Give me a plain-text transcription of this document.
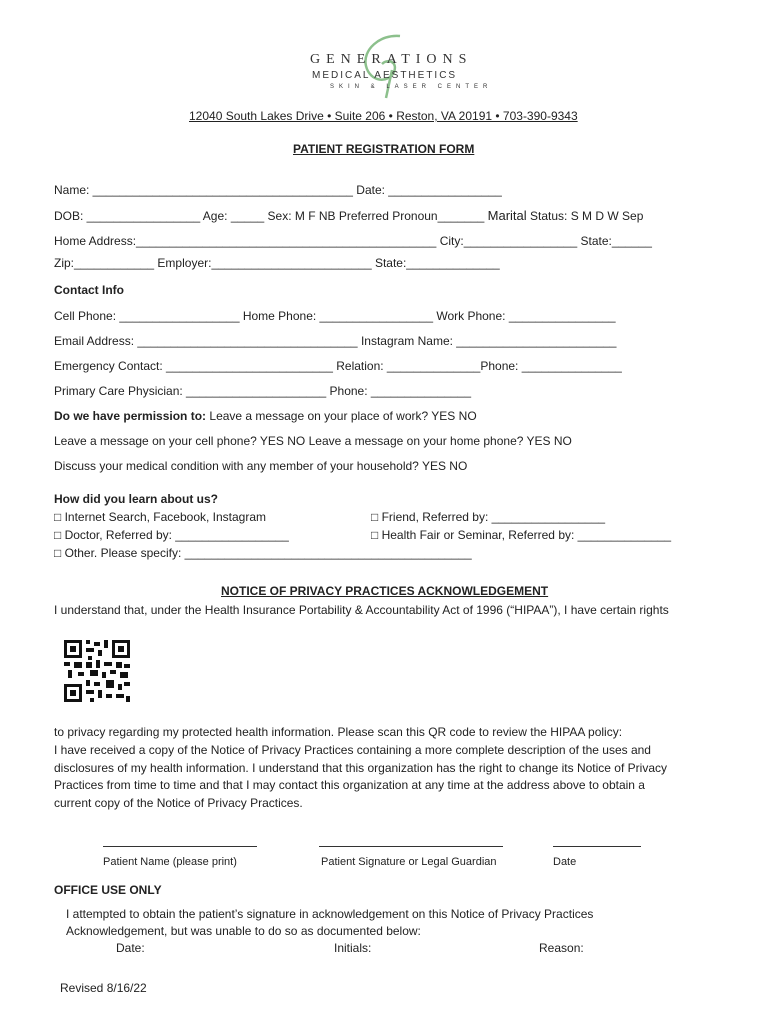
GENERATIONS
MEDICAL AESTHETICS
SKIN & LASER CENTER
12040 South Lakes Drive • Suite 206 • Reston, VA 20191 • 703-390-9343
PATIENT REGISTRATION FORM
Name: _______________________________________ Date: _________________
DOB: _________________ Age: _____ Sex: M F NB Preferred Pronoun_______ Marital Status: S M D W Sep
Home Address:_____________________________________________ City:_________________ State:______
Zip:____________ Employer:________________________ State:______________
Contact Info
Cell Phone: __________________ Home Phone: _________________ Work Phone: ________________
Email Address: _________________________________ Instagram Name: ________________________
Emergency Contact: _________________________ Relation: ______________Phone: _______________
Primary Care Physician: _____________________ Phone: _______________
Do we have permission to: Leave a message on your place of work? YES NO
Leave a message on your cell phone? YES NO Leave a message on your home phone? YES NO
Discuss your medical condition with any member of your household? YES NO
How did you learn about us?
□ Internet Search, Facebook, Instagram	□ Friend, Referred by: _________________
□ Doctor, Referred by: _________________	□ Health Fair or Seminar, Referred by: ______________
□ Other. Please specify: ___________________________________________
NOTICE OF PRIVACY PRACTICES ACKNOWLEDGEMENT
I understand that, under the Health Insurance Portability & Accountability Act of 1996 (“HIPAA”), I have certain rights
to privacy regarding my protected health information. Please scan this QR code to review the HIPAA policy:
I have received a copy of the Notice of Privacy Practices containing a more complete description of the uses and
disclosures of my health information. I understand that this organization has the right to change its Notice of Privacy
Practices from time to time and that I may contact this organization at any time at the address above to obtain a
current copy of the Notice of Privacy Practices.
Patient Name (please print)	Patient Signature or Legal Guardian	Date
OFFICE USE ONLY
I attempted to obtain the patient’s signature in acknowledgement on this Notice of Privacy Practices
Acknowledgement, but was unable to do so as documented below:
Date:	Initials:	Reason:
Revised 8/16/22
